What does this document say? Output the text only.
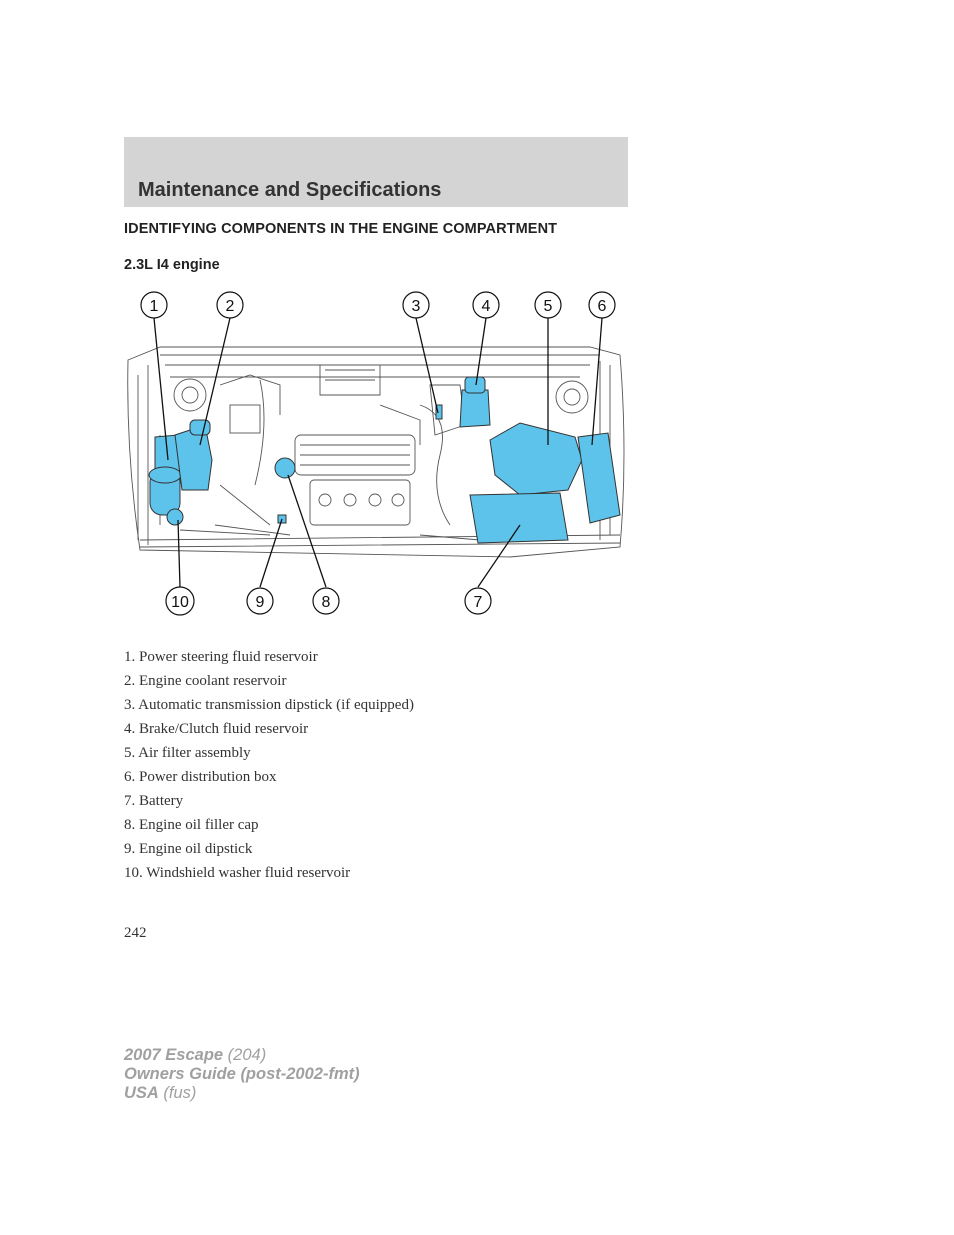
Maintenance and Specifications
IDENTIFYING COMPONENTS IN THE ENGINE COMPARTMENT
2.3L I4 engine
1	2	3	4	5	6
7
8
9
10
1. Power steering fluid reservoir
2. Engine coolant reservoir
3. Automatic transmission dipstick (if equipped)
4. Brake/Clutch fluid reservoir
5. Air filter assembly
6. Power distribution box
7. Battery
8. Engine oil filler cap
9. Engine oil dipstick
10. Windshield washer fluid reservoir
242
2007 Escape (204)
Owners Guide (post-2002-fmt)
USA (fus)
